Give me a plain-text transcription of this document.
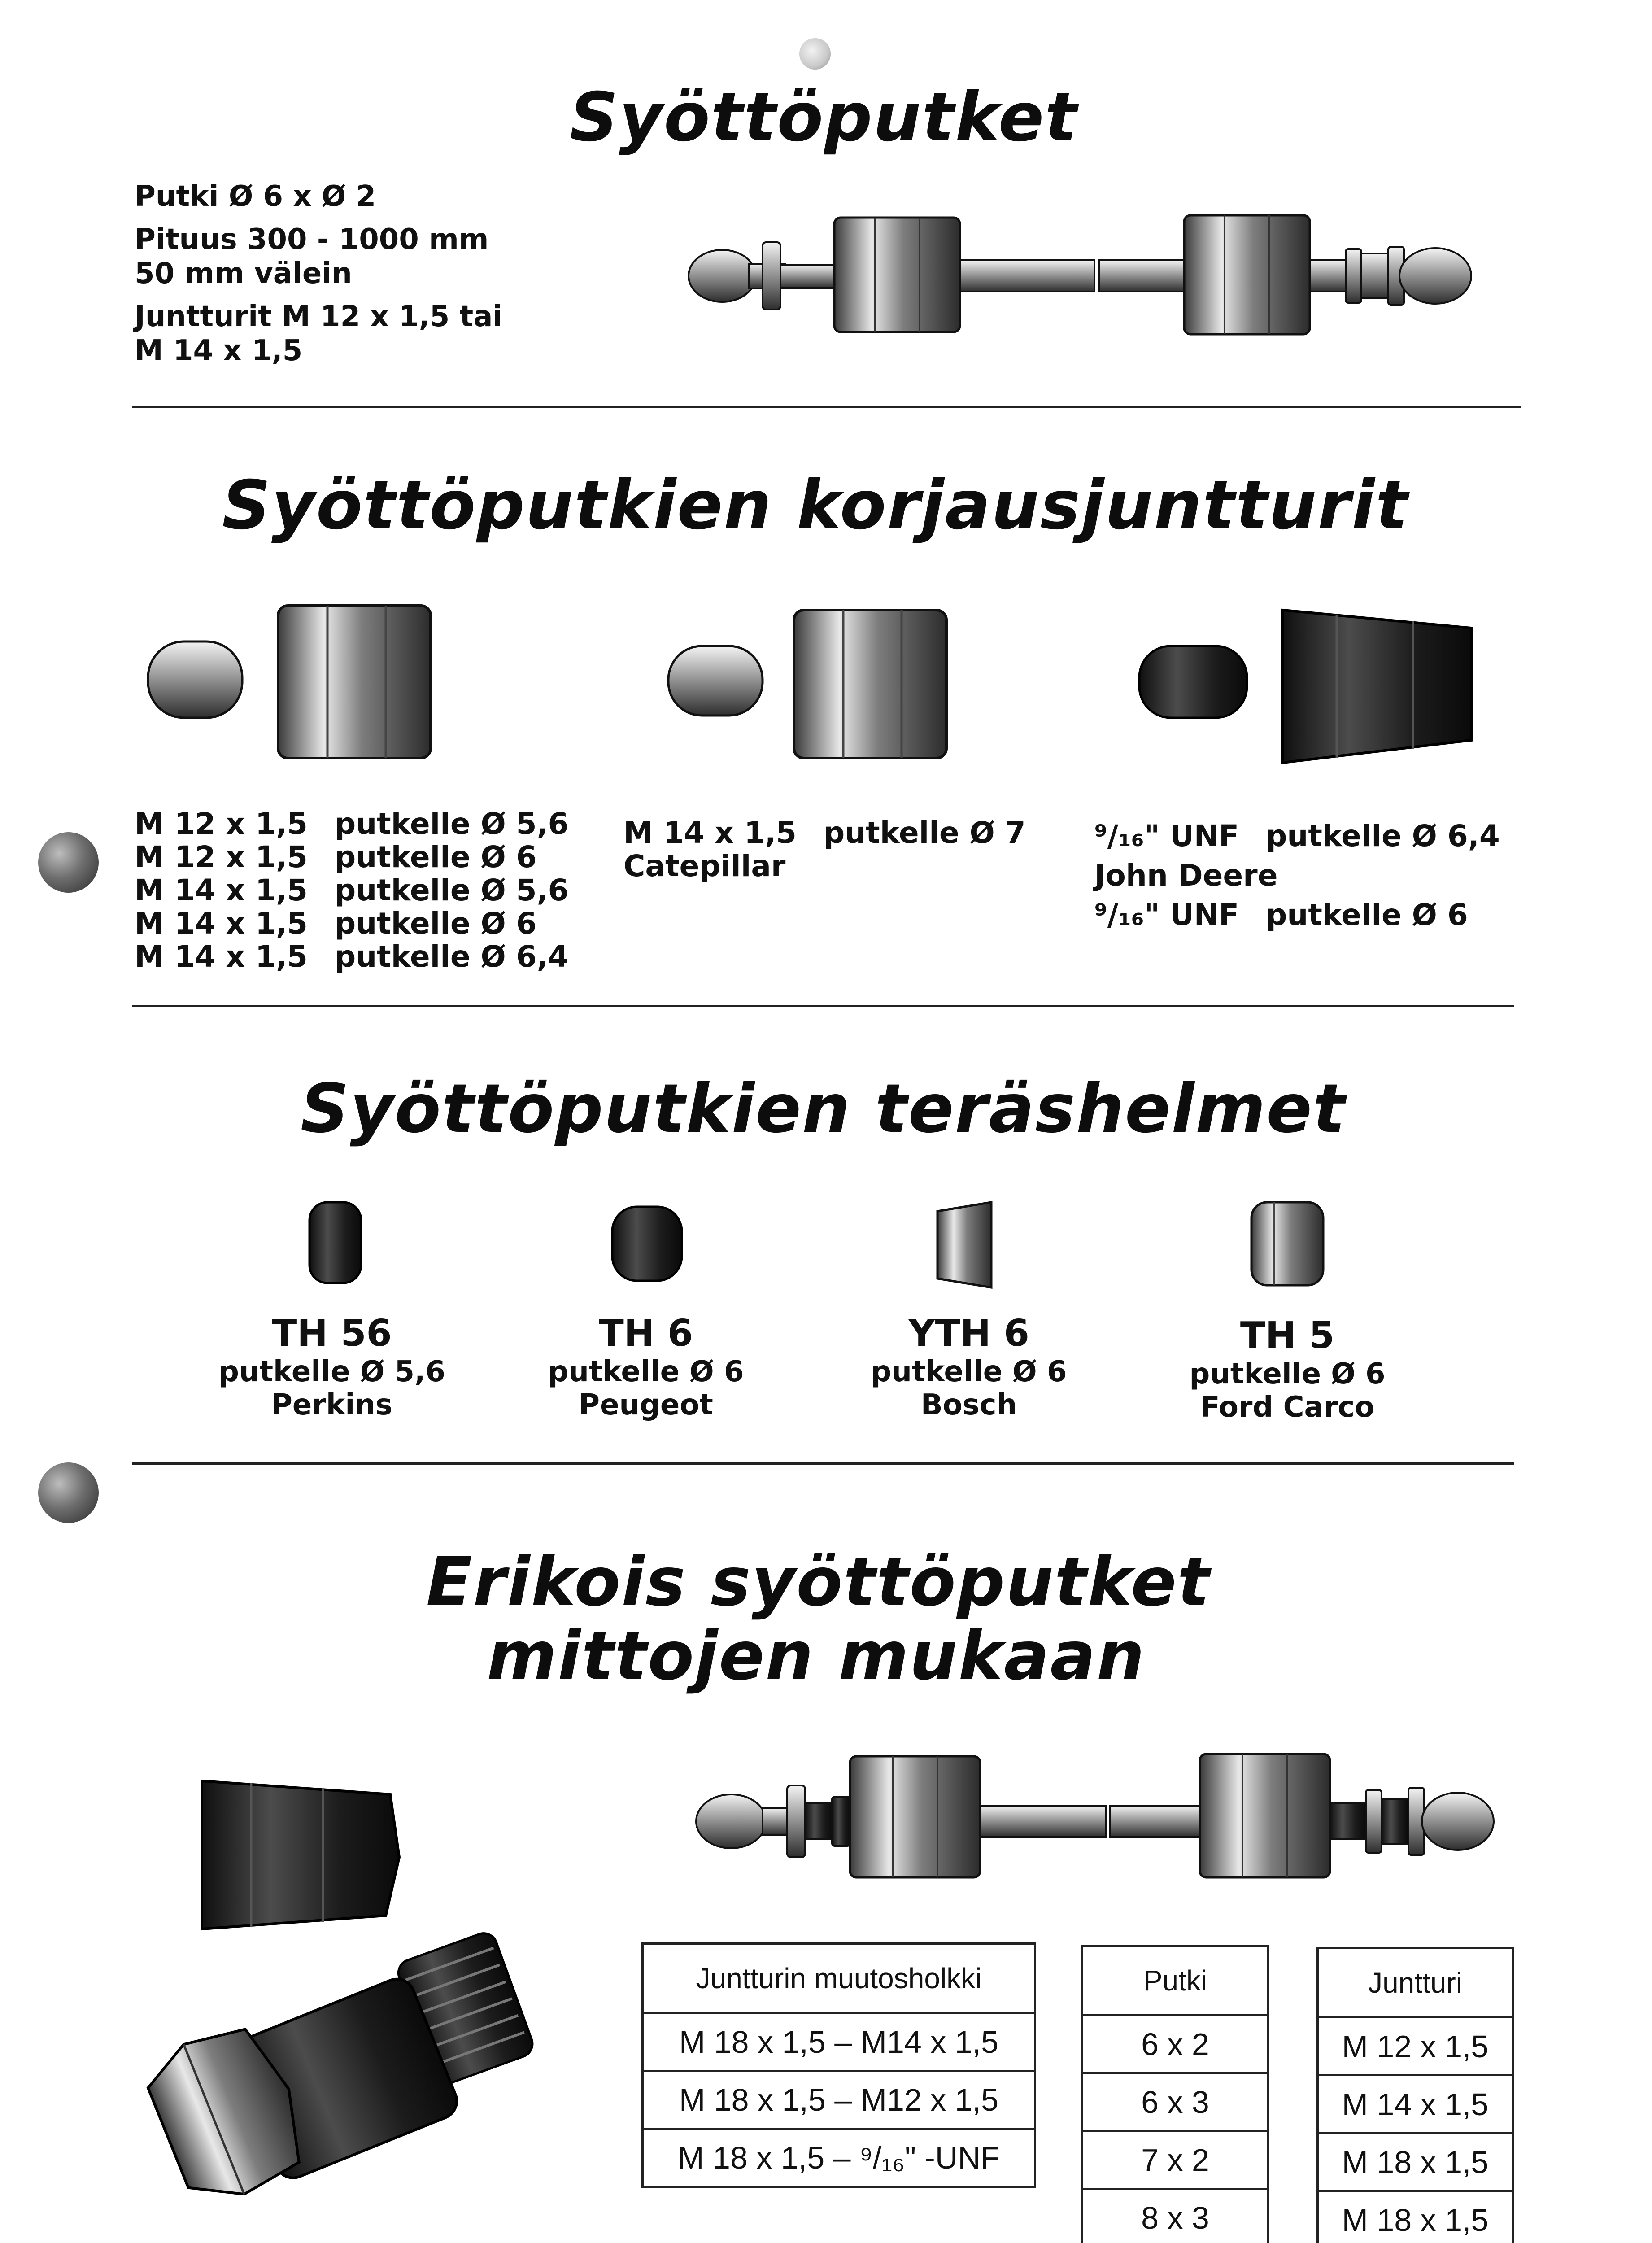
Syöttöputket
Putki Ø 6 x Ø 2
Pituus 300 - 1000 mm
50 mm välein
Juntturit M 12 x 1,5 tai
M 14 x 1,5
Syöttöputkien korjausjuntturit
M 12 x 1,5 putkelle Ø 5,6
M 12 x 1,5 putkelle Ø 6
M 14 x 1,5 putkelle Ø 5,6
M 14 x 1,5 putkelle Ø 6
M 14 x 1,5 putkelle Ø 6,4
M 14 x 1,5 putkelle Ø 7
Catepillar
⁹/₁₆" UNF putkelle Ø 6,4
John Deere
⁹/₁₆" UNF putkelle Ø 6
Syöttöputkien teräshelmet
TH 56
putkelle Ø 5,6
Perkins
TH 6
putkelle Ø 6
Peugeot
YTH 6
putkelle Ø 6
Bosch
TH 5
putkelle Ø 6
Ford Carco
Erikois syöttöputket
mittojen mukaan
Juntturin muutosholkki
M 18 x 1,5 – M14 x 1,5
M 18 x 1,5 – M12 x 1,5
M 18 x 1,5 – ⁹/₁₆" -UNF
Putki
6 x 2
6 x 3
7 x 2
8 x 3
Juntturi
M 12 x 1,5
M 14 x 1,5
M 18 x 1,5
M 18 x 1,5
